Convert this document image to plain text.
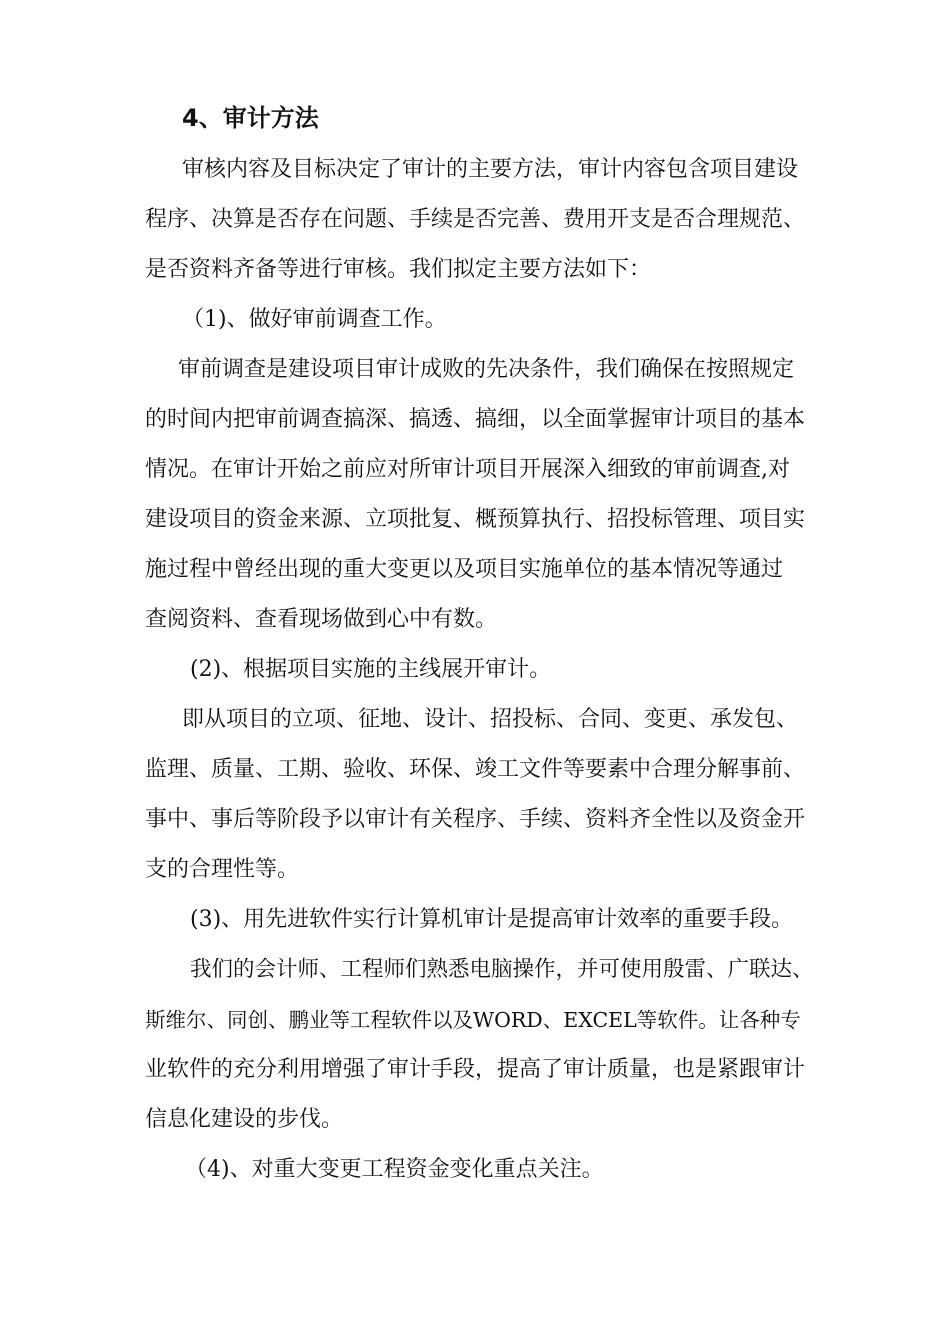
4、审计方法
审核内容及目标决定了审计的主要方法，审计内容包含项目建设
程序、决算是否存在问题、手续是否完善、费用开支是否合理规范、
是否资料齐备等进行审核。我们拟定主要方法如下：
（1)、做好审前调查工作。
审前调查是建设项目审计成败的先决条件，我们确保在按照规定
的时间内把审前调查搞深、搞透、搞细，以全面掌握审计项目的基本
情况。在审计开始之前应对所审计项目开展深入细致的审前调查,对
建设项目的资金来源、立项批复、概预算执行、招投标管理、项目实
施过程中曾经出现的重大变更以及项目实施单位的基本情况等通过
查阅资料、查看现场做到心中有数。
(2)、根据项目实施的主线展开审计。
即从项目的立项、征地、设计、招投标、合同、变更、承发包、
监理、质量、工期、验收、环保、竣工文件等要素中合理分解事前、
事中、事后等阶段予以审计有关程序、手续、资料齐全性以及资金开
支的合理性等。
(3)、用先进软件实行计算机审计是提高审计效率的重要手段。
我们的会计师、工程师们熟悉电脑操作，并可使用殷雷、广联达、
斯维尔、同创、鹏业等工程软件以及WORD、EXCEL等软件。让各种专
业软件的充分利用增强了审计手段，提高了审计质量，也是紧跟审计
信息化建设的步伐。
（4)、对重大变更工程资金变化重点关注。
